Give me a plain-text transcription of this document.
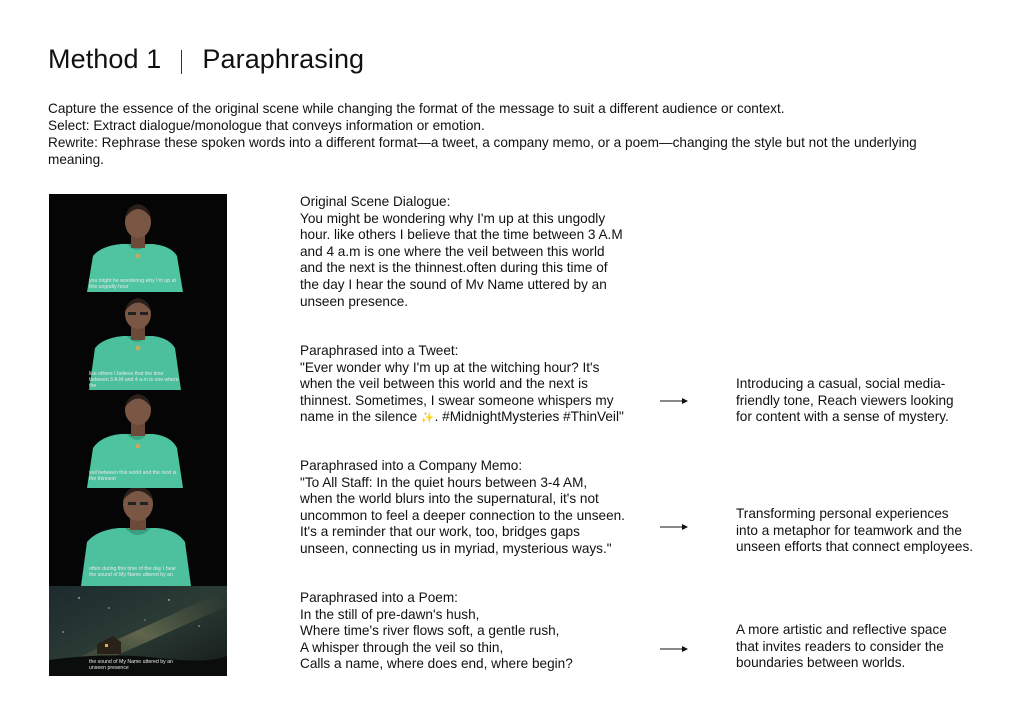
Method 1 Paraphrasing
Capture the essence of the original scene while changing the format of the message to suit a different audience or context.
Select: Extract dialogue/monologue that conveys information or emotion.
Rewrite: Rephrase these spoken words into a different format—a tweet, a company memo, or a poem—changing the style but not the underlying
meaning.
you might be wondering why I'm up at
this ungodly hour
like others I believe that the time
between 3 A.M and 4 a.m is one where the
veil between this world and the next is
the thinnest
often during this time of the day I hear
the sound of My Name uttered by an
the sound of My Name uttered by an
unseen presence
Original Scene Dialogue:
You might be wondering why I'm up at this ungodly
hour. like others I believe that the time between 3 A.M
and 4 a.m is one where the veil between this world
and the next is the thinnest.often during this time of
the day I hear the sound of Mv Name uttered by an
unseen presence.
Paraphrased into a Tweet:
"Ever wonder why I'm up at the witching hour? It's
when the veil between this world and the next is
thinnest. Sometimes, I swear someone whispers my
name in the silence ✨. #MidnightMysteries #ThinVeil"
Introducing a casual, social media-
friendly tone, Reach viewers looking
for content with a sense of mystery.
Paraphrased into a Company Memo:
"To All Staff: In the quiet hours between 3-4 AM,
when the world blurs into the supernatural, it's not
uncommon to feel a deeper connection to the unseen.
It's a reminder that our work, too, bridges gaps
unseen, connecting us in myriad, mysterious ways."
Transforming personal experiences
into a metaphor for teamwork and the
unseen efforts that connect employees.
Paraphrased into a Poem:
In the still of pre-dawn's hush,
Where time's river flows soft, a gentle rush,
A whisper through the veil so thin,
Calls a name, where does end, where begin?
A more artistic and reflective space
that invites readers to consider the
boundaries between worlds.
